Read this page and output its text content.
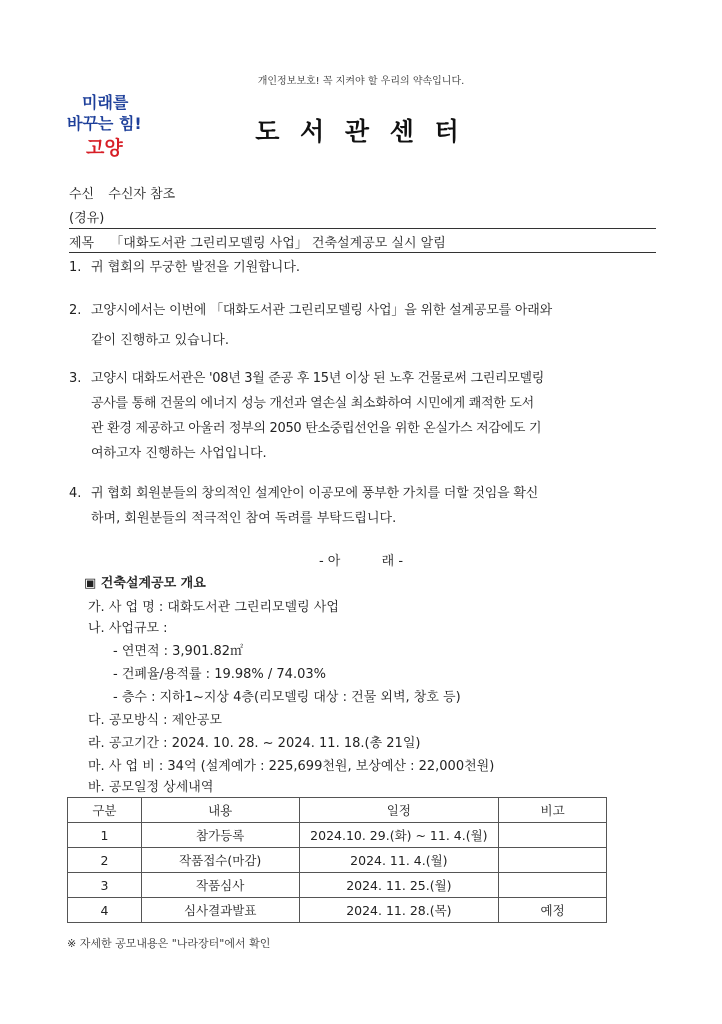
개인정보보호! 꼭 지켜야 할 우리의 약속입니다.
미래를
바꾸는 힘!
고양
도 서 관 센 터
수신 수신자 참조
(경유)
제목 「대화도서관 그린리모델링 사업」 건축설계공모 실시 알림
1. 귀 협회의 무궁한 발전을 기원합니다.
2. 고양시에서는 이번에 「대화도서관 그린리모델링 사업」을 위한 설계공모를 아래와
같이 진행하고 있습니다.
3. 고양시 대화도서관은 '08년 3월 준공 후 15년 이상 된 노후 건물로써 그린리모델링
공사를 통해 건물의 에너지 성능 개선과 열손실 최소화하여 시민에게 쾌적한 도서
관 환경 제공하고 아울러 정부의 2050 탄소중립선언을 위한 온실가스 저감에도 기
여하고자 진행하는 사업입니다.
4. 귀 협회 회원분들의 창의적인 설계안이 이공모에 풍부한 가치를 더할 것임을 확신
하며, 회원분들의 적극적인 참여 독려를 부탁드립니다.
- 아          래 -
▣ 건축설계공모 개요
가. 사 업 명 : 대화도서관 그린리모델링 사업
나. 사업규모 :
- 연면적 : 3,901.82㎡
- 건폐율/용적률 : 19.98% / 74.03%
- 층수 : 지하1~지상 4층(리모델링 대상 : 건물 외벽, 창호 등)
다. 공모방식 : 제안공모
라. 공고기간 : 2024. 10. 28. ~ 2024. 11. 18.(총 21일)
마. 사 업 비 : 34억 (설계예가 : 225,699천원, 보상예산 : 22,000천원)
바. 공모일정 상세내역
구분	내용	일정	비고
1	참가등록	2024.10. 29.(화) ~ 11. 4.(월)	
2	작품접수(마감)	2024. 11. 4.(월)	
3	작품심사	2024. 11. 25.(월)	
4	심사결과발표	2024. 11. 28.(목)	예정
※ 자세한 공모내용은 "나라장터"에서 확인
